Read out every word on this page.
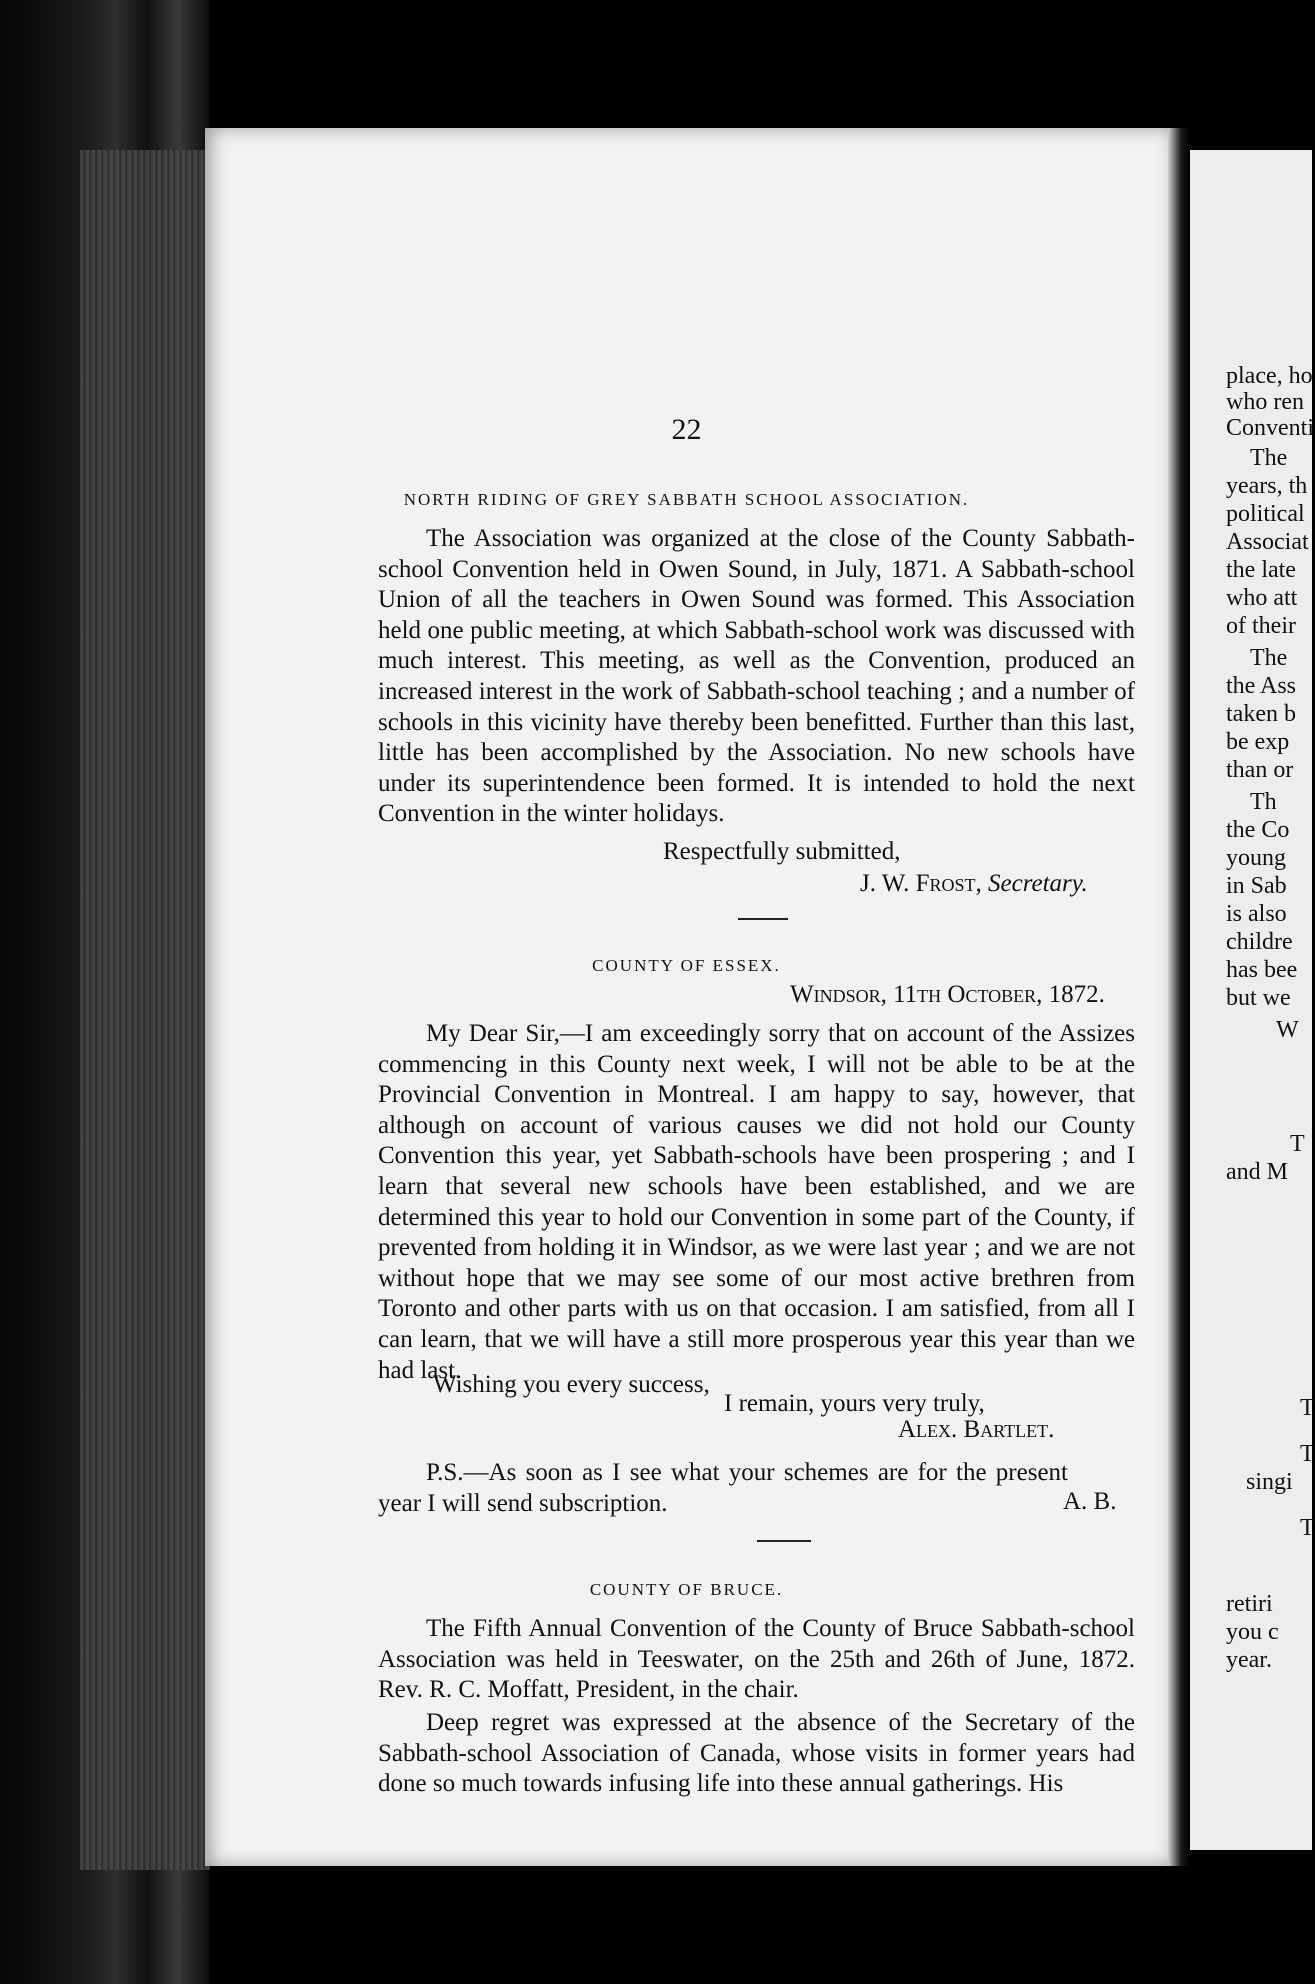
22
NORTH RIDING OF GREY SABBATH SCHOOL ASSOCIATION.

The Association was organized at the close of the County Sabbath-school Convention held in Owen Sound, in July, 1871. A Sabbath-school Union of all the teachers in Owen Sound was formed. This Association held one public meeting, at which Sabbath-school work was discussed with much interest. This meeting, as well as the Convention, produced an increased interest in the work of Sabbath-school teaching ; and a number of schools in this vicinity have thereby been benefitted. Further than this last, little has been accomplished by the Association. No new schools have under its superintendence been formed. It is intended to hold the next Convention in the winter holidays.

Respectfully submitted,
J. W. Frost, Secretary.
COUNTY OF ESSEX.
Windsor, 11th October, 1872.

My Dear Sir,—I am exceedingly sorry that on account of the Assizes commencing in this County next week, I will not be able to be at the Provincial Convention in Montreal. I am happy to say, however, that although on account of various causes we did not hold our County Convention this year, yet Sabbath-schools have been prospering ; and I learn that several new schools have been established, and we are determined this year to hold our Convention in some part of the County, if prevented from holding it in Windsor, as we were last year ; and we are not without hope that we may see some of our most active brethren from Toronto and other parts with us on that occasion. I am satisfied, from all I can learn, that we will have a still more prosperous year this year than we had last.

Wishing you every success,
I remain, yours very truly,
Alex. Bartlet.

P.S.—As soon as I see what your schemes are for the present year I will send subscription.	A. B.
COUNTY OF BRUCE.

The Fifth Annual Convention of the County of Bruce Sabbath-school Association was held in Teeswater, on the 25th and 26th of June, 1872. Rev. R. C. Moffatt, President, in the chair.

Deep regret was expressed at the absence of the Secretary of the Sabbath-school Association of Canada, whose visits in former years had done so much towards infusing life into these annual gatherings. His

place, ho
who ren
Conventi
The
years, th
political
Associat
the late
who att
of their
The
the Ass
taken b
be exp
than or
Th
the Co
young
in Sab
is also
childre
has bee
but we
W
T
and M
T
T
singi
T
retiri
you c
year.
